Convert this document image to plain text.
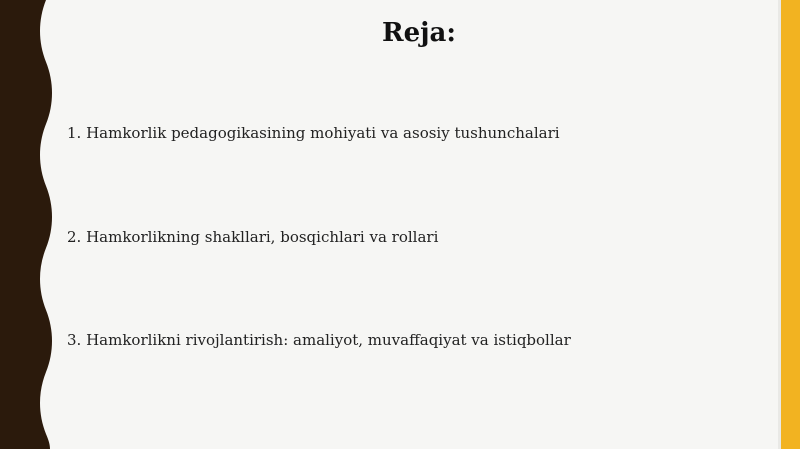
Reja:
1. Hamkorlik pedagogikasining mohiyati va asosiy tushunchalari
2. Hamkorlikning shakllari, bosqichlari va rollari
3. Hamkorlikni rivojlantirish: amaliyot, muvaffaqiyat va istiqbollar
